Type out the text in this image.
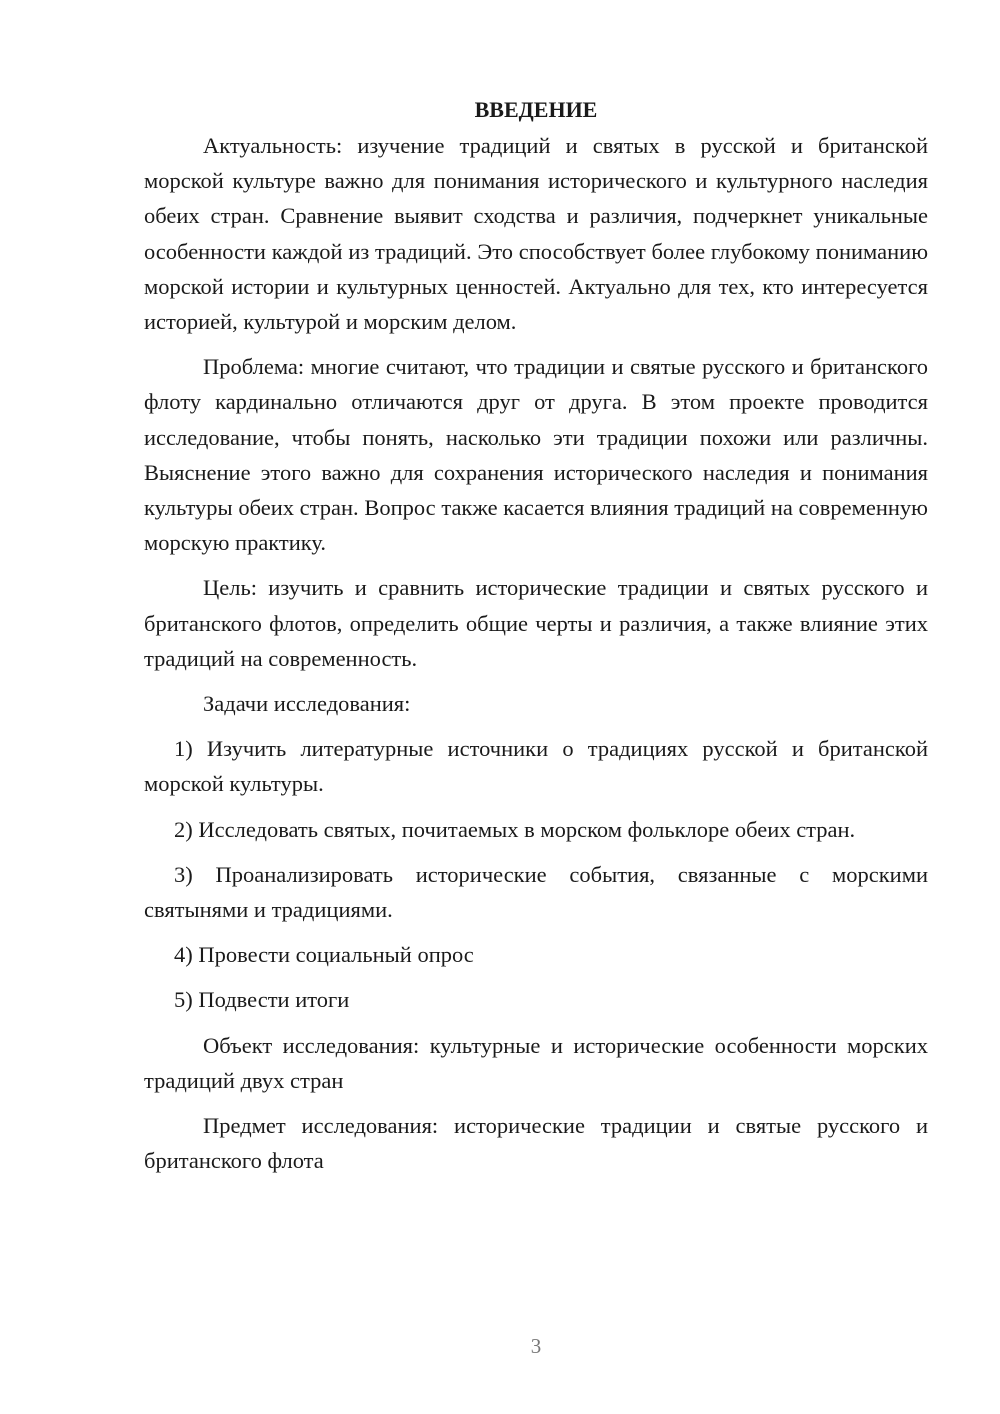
ВВЕДЕНИЕ

Актуальность: изучение традиций и святых в русской и британской морской культуре важно для понимания исторического и культурного наследия обеих стран. Сравнение выявит сходства и различия, подчеркнет уникальные особенности каждой из традиций. Это способствует более глубокому пониманию морской истории и культурных ценностей. Актуально для тех, кто интересуется историей, культурой и морским делом.

Проблема: многие считают, что традиции и святые русского и британского флоту кардинально отличаются друг от друга. В этом проекте проводится исследование, чтобы понять, насколько эти традиции похожи или различны. Выяснение этого важно для сохранения исторического наследия и понимания культуры обеих стран. Вопрос также касается влияния традиций на современную морскую практику.

Цель: изучить и сравнить исторические традиции и святых русского и британского флотов, определить общие черты и различия, а также влияние этих традиций на современность.

Задачи исследования:

1) Изучить литературные источники о традициях русской и британской морской культуры.

2) Исследовать святых, почитаемых в морском фольклоре обеих стран.

3) Проанализировать исторические события, связанные с морскими святынями и традициями.

4) Провести социальный опрос

5) Подвести итоги

Объект исследования: культурные и исторические особенности морских традиций двух стран

Предмет исследования: исторические традиции и святые русского и британского флота

3
